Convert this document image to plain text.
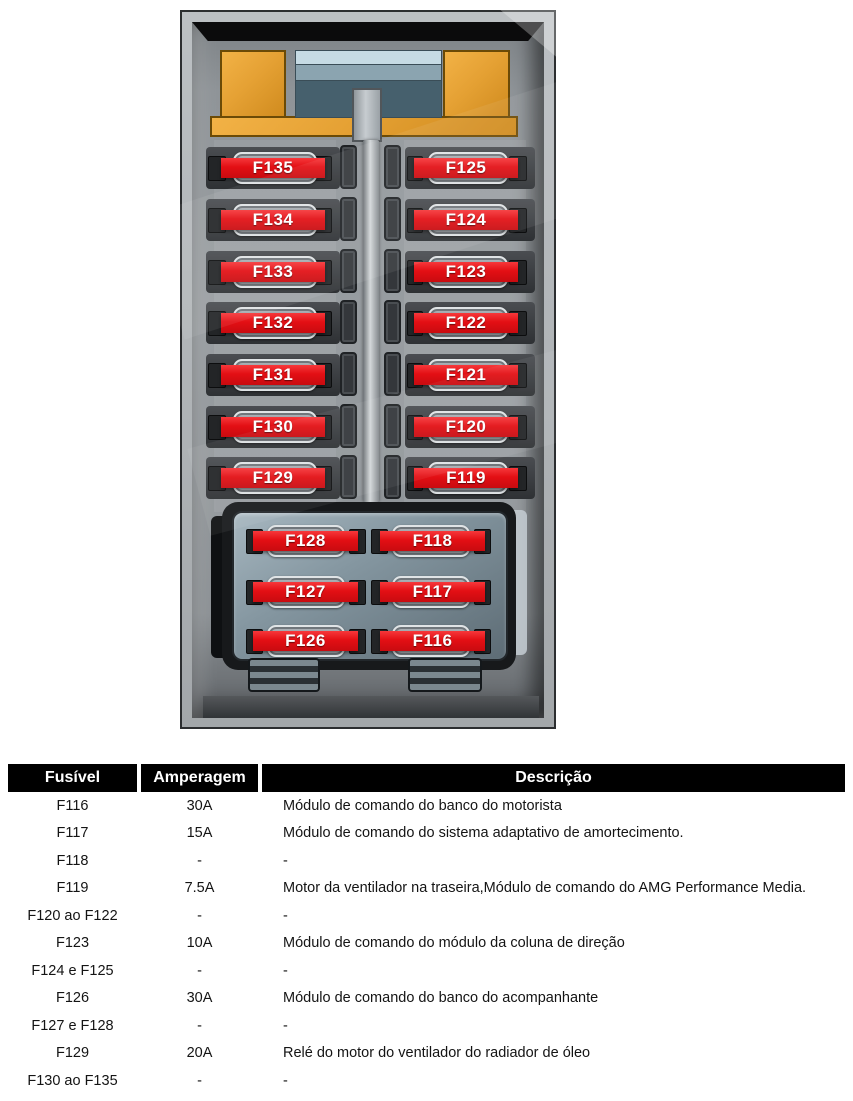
F135
F134
F133
F132
F131
F130
F129
F125
F124
F123
F122
F121
F120
F119
F128
F127
F126
F118
F117
F116
Fusível	Amperagem	Descrição
F116	30A	Módulo de comando do banco do motorista
F117	15A	Módulo de comando do sistema adaptativo de amortecimento.
F118	-	-
F119	7.5A	Motor da ventilador na traseira,Módulo de comando do AMG Performance Media.
F120 ao F122	-	-
F123	10A	Módulo de comando do módulo da coluna de direção
F124 e F125	-	-
F126	30A	Módulo de comando do banco do acompanhante
F127 e F128	-	-
F129	20A	Relé do motor do ventilador do radiador de óleo
F130 ao F135	-	-
